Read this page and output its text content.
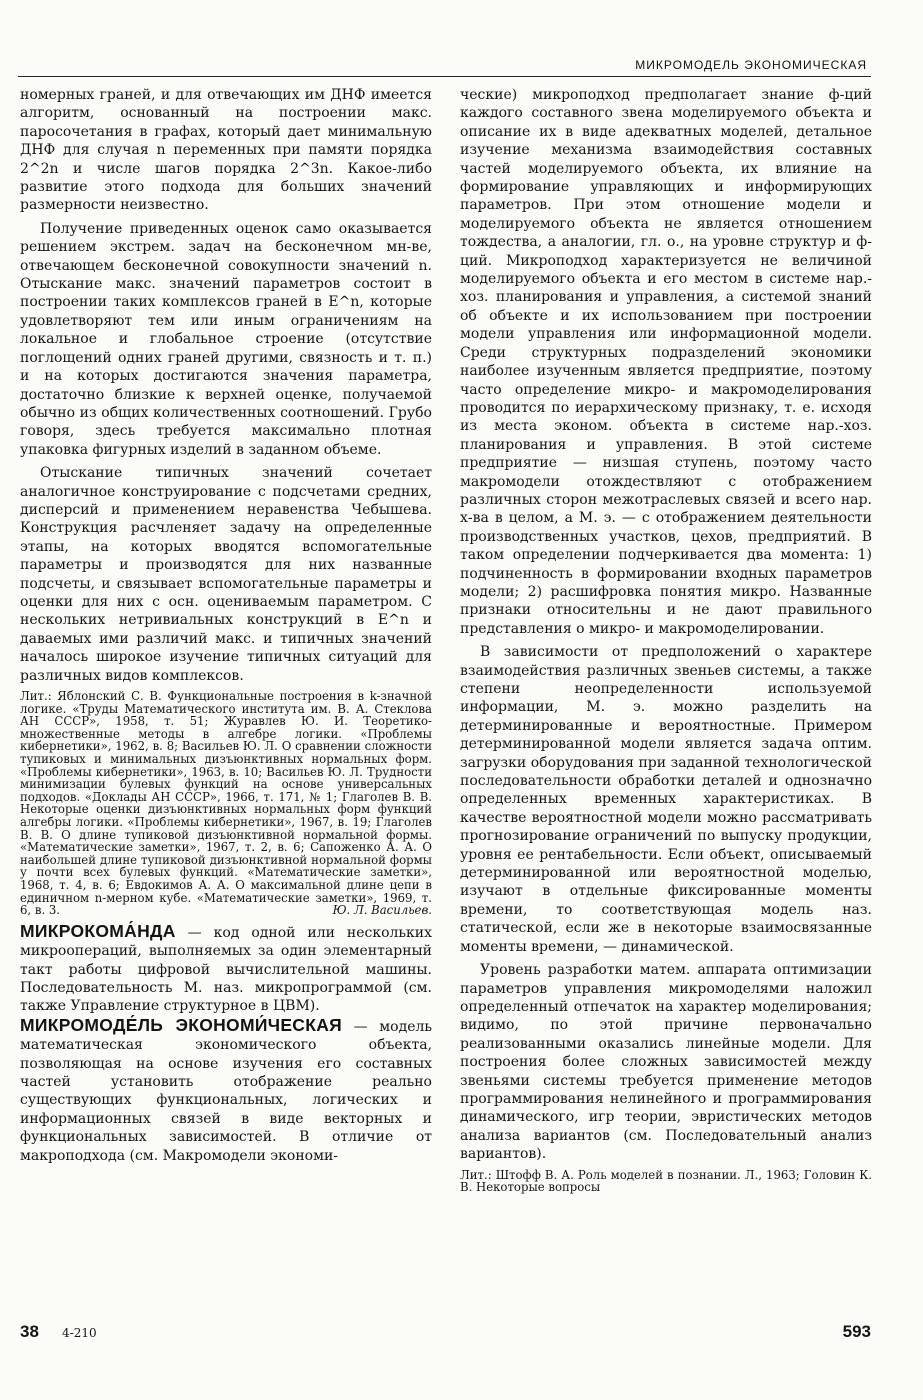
МИКРОМОДЕЛЬ ЭКОНОМИЧЕСКАЯ

номерных граней, и для отвечающих им ДНФ имеется алгоритм, основанный на построении макс. паросочетания в графах, который дает минимальную ДНФ для случая n переменных при памяти порядка 2^2n и числе шагов порядка 2^3n. Какое-либо развитие этого подхода для больших значений размерности неизвестно.

Получение приведенных оценок само оказывается решением экстрем. задач на бесконечном мн-ве, отвечающем бесконечной совокупности значений n. Отыскание макс. значений параметров состоит в построении таких комплексов граней в E^n, которые удовлетворяют тем или иным ограничениям на локальное и глобальное строение (отсутствие поглощений одних граней другими, связность и т. п.) и на которых достигаются значения параметра, достаточно близкие к верхней оценке, получаемой обычно из общих количественных соотношений. Грубо говоря, здесь требуется максимально плотная упаковка фигурных изделий в заданном объеме.

Отыскание типичных значений сочетает аналогичное конструирование с подсчетами средних, дисперсий и применением неравенства Чебышева. Конструкция расчленяет задачу на определенные этапы, на которых вводятся вспомогательные параметры и производятся для них названные подсчеты, и связывает вспомогательные параметры и оценки для них с осн. оцениваемым параметром. С нескольких нетривиальных конструкций в E^n и даваемых ими различий макс. и типичных значений началось широкое изучение типичных ситуаций для различных видов комплексов.

Лит.: Яблонский С. В. Функциональные построения в k-значной логике. «Труды Математического института им. В. А. Стеклова АН СССР», 1958, т. 51; Журавлев Ю. И. Теоретико-множественные методы в алгебре логики. «Проблемы кибернетики», 1962, в. 8; Васильев Ю. Л. О сравнении сложности тупиковых и минимальных дизъюнктивных нормальных форм. «Проблемы кибернетики», 1963, в. 10; Васильев Ю. Л. Трудности минимизации булевых функций на основе универсальных подходов. «Доклады АН СССР», 1966, т. 171, № 1; Глаголев В. В. Некоторые оценки дизъюнктивных нормальных форм функций алгебры логики. «Проблемы кибернетики», 1967, в. 19; Глаголев В. В. О длине тупиковой дизъюнктивной нормальной формы. «Математические заметки», 1967, т. 2, в. 6; Сапоженко А. А. О наибольшей длине тупиковой дизъюнктивной нормальной формы у почти всех булевых функций. «Математические заметки», 1968, т. 4, в. 6; Евдокимов А. А. О максимальной длине цепи в единичном n-мерном кубе. «Математические заметки», 1969, т. 6, в. 3.	Ю. Л. Васильев.

МИКРОКОМА́НДА — код одной или нескольких микроопераций, выполняемых за один элементарный такт работы цифровой вычислительной машины. Последовательность М. наз. микропрограммой (см. также Управление структурное в ЦВМ).

МИКРОМОДЕ́ЛЬ ЭКОНОМИ́ЧЕСКАЯ — модель математическая экономического объекта, позволяющая на основе изучения его составных частей установить отображение реально существующих функциональных, логических и информационных связей в виде векторных и функциональных зависимостей. В отличие от макроподхода (см. Макромодели экономи-

ческие) микроподход предполагает знание ф-ций каждого составного звена моделируемого объекта и описание их в виде адекватных моделей, детальное изучение механизма взаимодействия составных частей моделируемого объекта, их влияние на формирование управляющих и информирующих параметров. При этом отношение модели и моделируемого объекта не является отношением тождества, а аналогии, гл. о., на уровне структур и ф-ций. Микроподход характеризуется не величиной моделируемого объекта и его местом в системе нар.-хоз. планирования и управления, а системой знаний об объекте и их использованием при построении модели управления или информационной модели. Среди структурных подразделений экономики наиболее изученным является предприятие, поэтому часто определение микро- и макромоделирования проводится по иерархическому признаку, т. е. исходя из места эконом. объекта в системе нар.-хоз. планирования и управления. В этой системе предприятие — низшая ступень, поэтому часто макромодели отождествляют с отображением различных сторон межотраслевых связей и всего нар. х-ва в целом, а М. э. — с отображением деятельности производственных участков, цехов, предприятий. В таком определении подчеркивается два момента: 1) подчиненность в формировании входных параметров модели; 2) расшифровка понятия микро. Названные признаки относительны и не дают правильного представления о микро- и макромоделировании.

В зависимости от предположений о характере взаимодействия различных звеньев системы, а также степени неопределенности используемой информации, М. э. можно разделить на детерминированные и вероятностные. Примером детерминированной модели является задача оптим. загрузки оборудования при заданной технологической последовательности обработки деталей и однозначно определенных временных характеристиках. В качестве вероятностной модели можно рассматривать прогнозирование ограничений по выпуску продукции, уровня ее рентабельности. Если объект, описываемый детерминированной или вероятностной моделью, изучают в отдельные фиксированные моменты времени, то соответствующая модель наз. статической, если же в некоторые взаимосвязанные моменты времени, — динамической.

Уровень разработки матем. аппарата оптимизации параметров управления микромоделями наложил определенный отпечаток на характер моделирования; видимо, по этой причине первоначально реализованными оказались линейные модели. Для построения более сложных зависимостей между звеньями системы требуется применение методов программирования нелинейного и программирования динамического, игр теории, эвристических методов анализа вариантов (см. Последовательный анализ вариантов).

Лит.: Штофф В. А. Роль моделей в познании. Л., 1963; Головин К. В. Некоторые вопросы

38 4-210	593
